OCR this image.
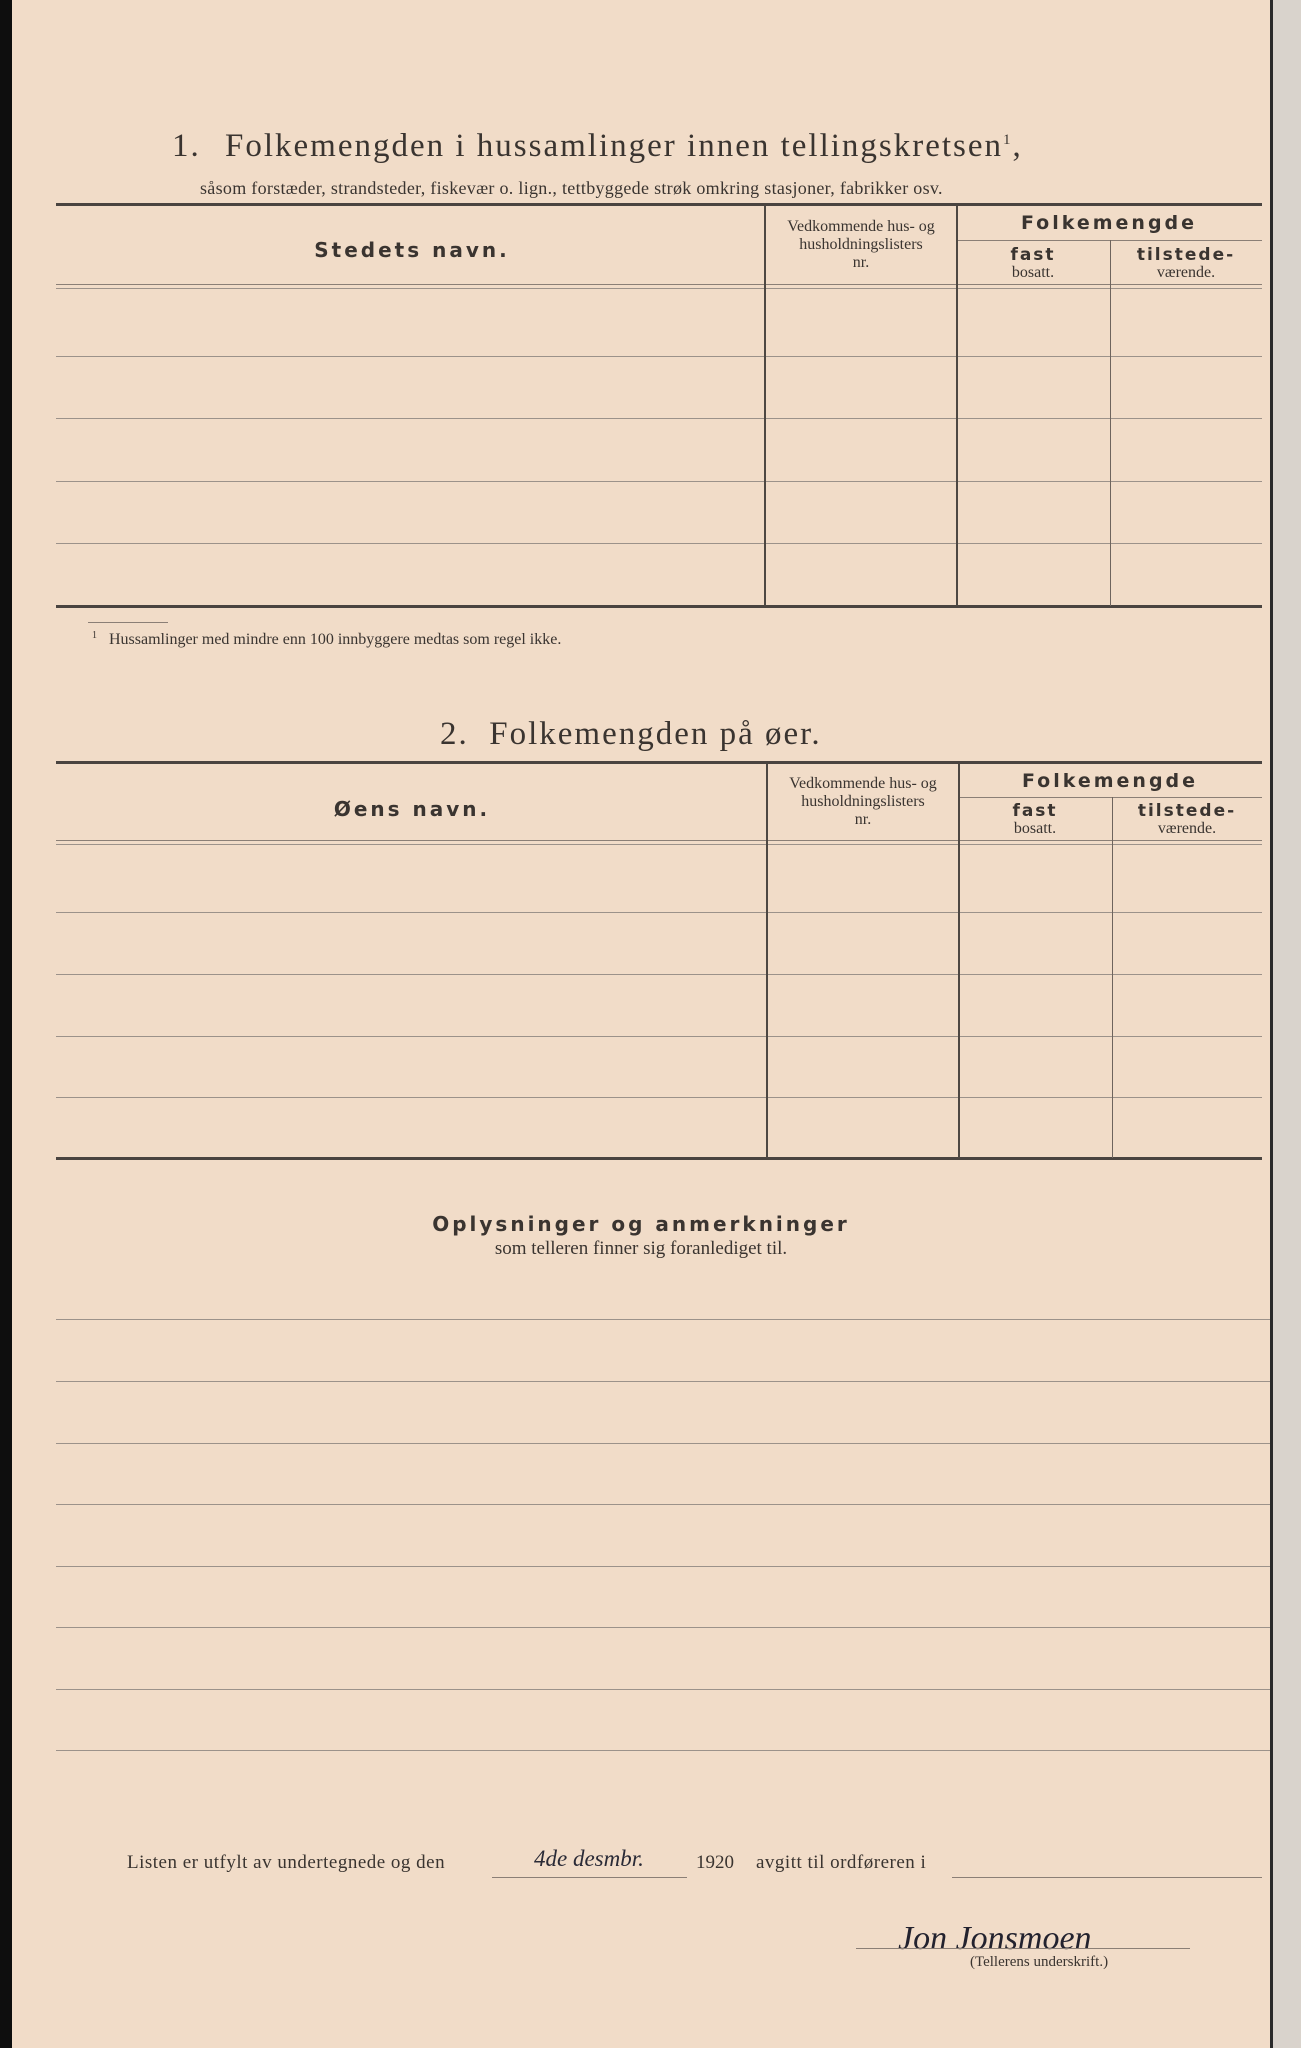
1. Folkemengden i hussamlinger innen tellingskretsen$^1$,
såsom forstæder, strandsteder, fiskevær o. lign., tettbyggede strøk omkring stasjoner, fabrikker osv.
Stedets navn.
Vedkommende hus- og
husholdningslisters
nr.
Folkemengde
fast
bosatt.
tilstede-
værende.
$^1$ Hussamlinger med mindre enn 100 innbyggere medtas som regel ikke.
2.  Folkemengden på øer.
Øens navn.
Vedkommende hus- og
husholdningslisters
nr.
Folkemengde
fast
bosatt.
tilstede-
værende.
Oplysninger og anmerkninger
som telleren finner sig foranlediget til.
Listen er utfylt av undertegnede og den	4de desmbr.	1920 avgitt til ordføreren i
Jon Jonsmoen
(Tellerens underskrift.)
